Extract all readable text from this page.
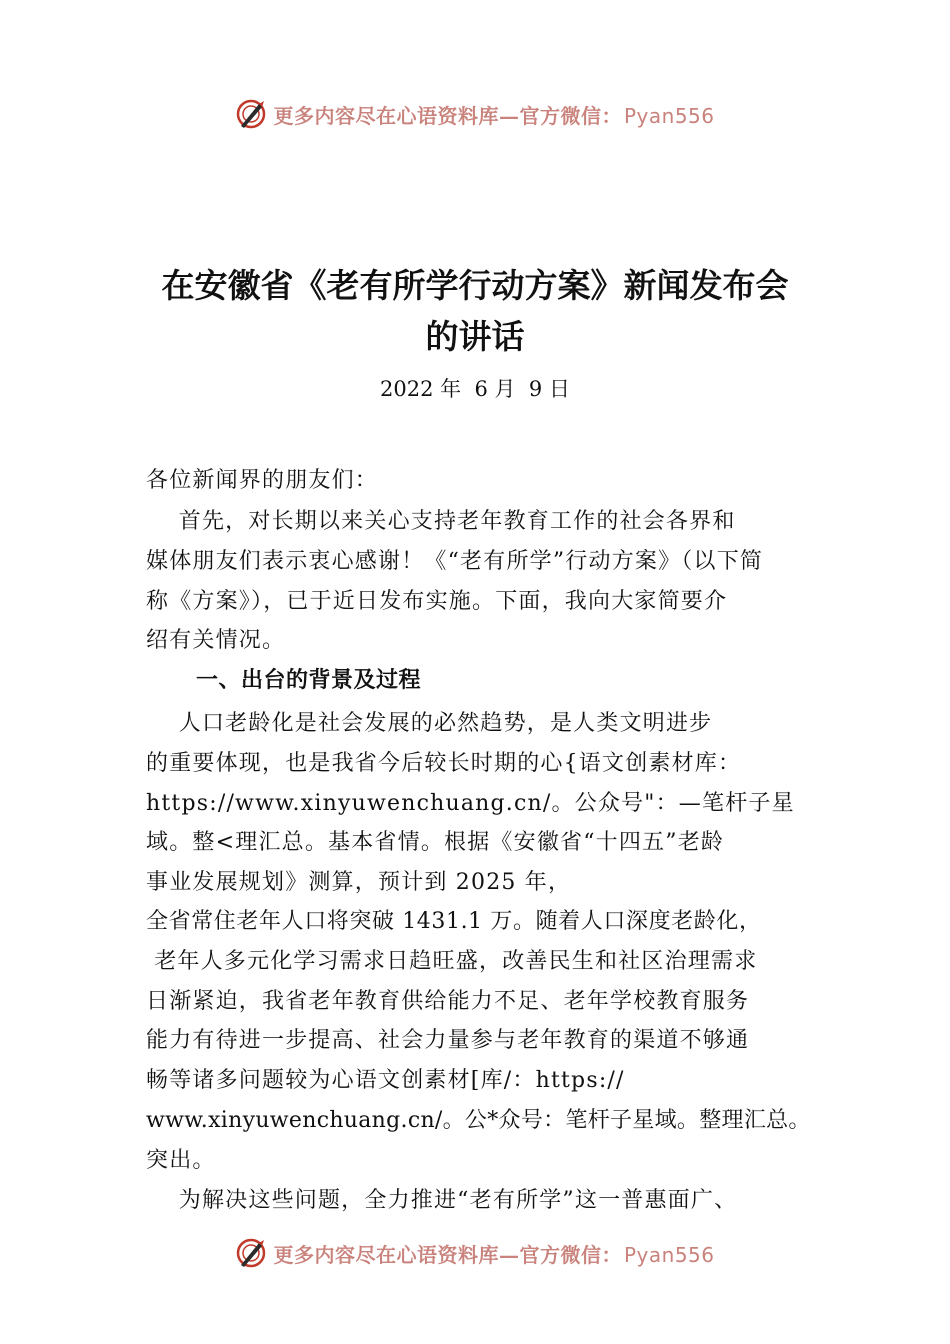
更多内容尽在心语资料库—官方微信： Pyan556
在安徽省《老有所学行动方案》新闻发布会
的讲话
2022 年  6 月  9 日
各位新闻界的朋友们：
首先，对长期以来关心支持老年教育工作的社会各界和
媒体朋友们表示衷心感谢！《“老有所学”行动方案》（以下简
称《方案》），已于近日发布实施。下面，我向大家简要介
绍有关情况。
一、出台的背景及过程
人口老龄化是社会发展的必然趋势，是人类文明进步
的重要体现，也是我省今后较长时期的心{语文创素材库：
https://www.xinyuwenchuang.cn/。公众号"：—笔杆子星
域。整<理汇总。基本省情。根据《安徽省“十四五”老龄
事业发展规划》测算，预计到 2025 年，
全省常住老年人口将突破 1431.1 万。随着人口深度老龄化，
老年人多元化学习需求日趋旺盛，改善民生和社区治理需求
日渐紧迫，我省老年教育供给能力不足、老年学校教育服务
能力有待进一步提高、社会力量参与老年教育的渠道不够通
畅等诸多问题较为心语文创素材[库/：https://
www.xinyuwenchuang.cn/。公*众号：笔杆子星域。整理汇总。
突出。
为解决这些问题，全力推进“老有所学”这一普惠面广、
更多内容尽在心语资料库—官方微信： Pyan556
